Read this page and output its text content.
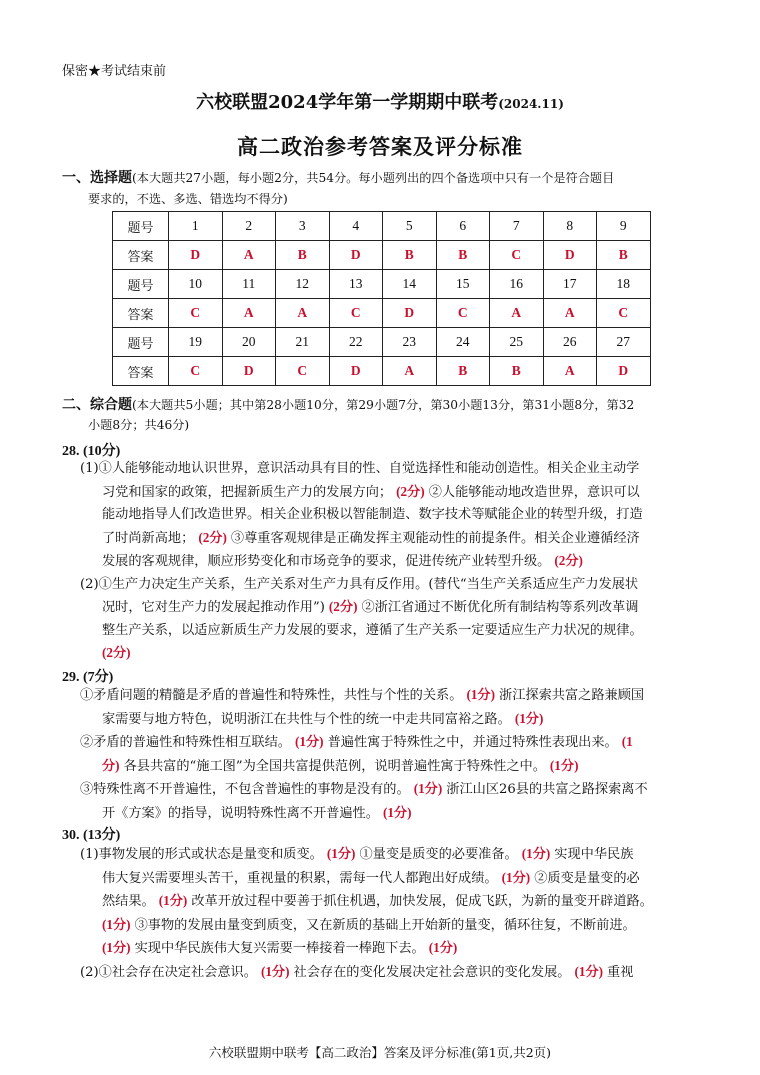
保密★考试结束前
六校联盟2024学年第一学期期中联考(2024.11)
高二政治参考答案及评分标准
一、选择题(本大题共27小题，每小题2分，共54分。每小题列出的四个备选项中只有一个是符合题目
要求的，不选、多选、错选均不得分)
题号	1	2	3	4	5	6	7	8	9
答案	D	A	B	D	B	B	C	D	B
题号	10	11	12	13	14	15	16	17	18
答案	C	A	A	C	D	C	A	A	C
题号	19	20	21	22	23	24	25	26	27
答案	C	D	C	D	A	B	B	A	D
二、综合题(本大题共5小题；其中第28小题10分，第29小题7分，第30小题13分，第31小题8分，第32
小题8分；共46分)
28. (10分)
(1)①人能够能动地认识世界，意识活动具有目的性、自觉选择性和能动创造性。相关企业主动学
习党和国家的政策，把握新质生产力的发展方向； (2分) ②人能够能动地改造世界，意识可以
能动地指导人们改造世界。相关企业积极以智能制造、数字技术等赋能企业的转型升级，打造
了时尚新高地； (2分) ③尊重客观规律是正确发挥主观能动性的前提条件。相关企业遵循经济
发展的客观规律，顺应形势变化和市场竞争的要求，促进传统产业转型升级。 (2分)
(2)①生产力决定生产关系，生产关系对生产力具有反作用。(替代“当生产关系适应生产力发展状
况时，它对生产力的发展起推动作用”) (2分) ②浙江省通过不断优化所有制结构等系列改革调
整生产关系，以适应新质生产力发展的要求，遵循了生产关系一定要适应生产力状况的规律。
(2分)
29. (7分)
①矛盾问题的精髓是矛盾的普遍性和特殊性，共性与个性的关系。 (1分) 浙江探索共富之路兼顾国
家需要与地方特色，说明浙江在共性与个性的统一中走共同富裕之路。 (1分)
②矛盾的普遍性和特殊性相互联结。 (1分) 普遍性寓于特殊性之中，并通过特殊性表现出来。 (1
分) 各县共富的“施工图”为全国共富提供范例，说明普遍性寓于特殊性之中。 (1分)
③特殊性离不开普遍性，不包含普遍性的事物是没有的。 (1分) 浙江山区26县的共富之路探索离不
开《方案》的指导，说明特殊性离不开普遍性。 (1分)
30. (13分)
(1)事物发展的形式或状态是量变和质变。 (1分) ①量变是质变的必要准备。 (1分) 实现中华民族
伟大复兴需要埋头苦干，重视量的积累，需每一代人都跑出好成绩。 (1分) ②质变是量变的必
然结果。 (1分) 改革开放过程中要善于抓住机遇，加快发展，促成飞跃，为新的量变开辟道路。
(1分) ③事物的发展由量变到质变，又在新质的基础上开始新的量变，循环往复，不断前进。
(1分) 实现中华民族伟大复兴需要一棒接着一棒跑下去。 (1分)
(2)①社会存在决定社会意识。 (1分) 社会存在的变化发展决定社会意识的变化发展。 (1分) 重视
六校联盟期中联考【高二政治】答案及评分标准(第1页,共2页)
